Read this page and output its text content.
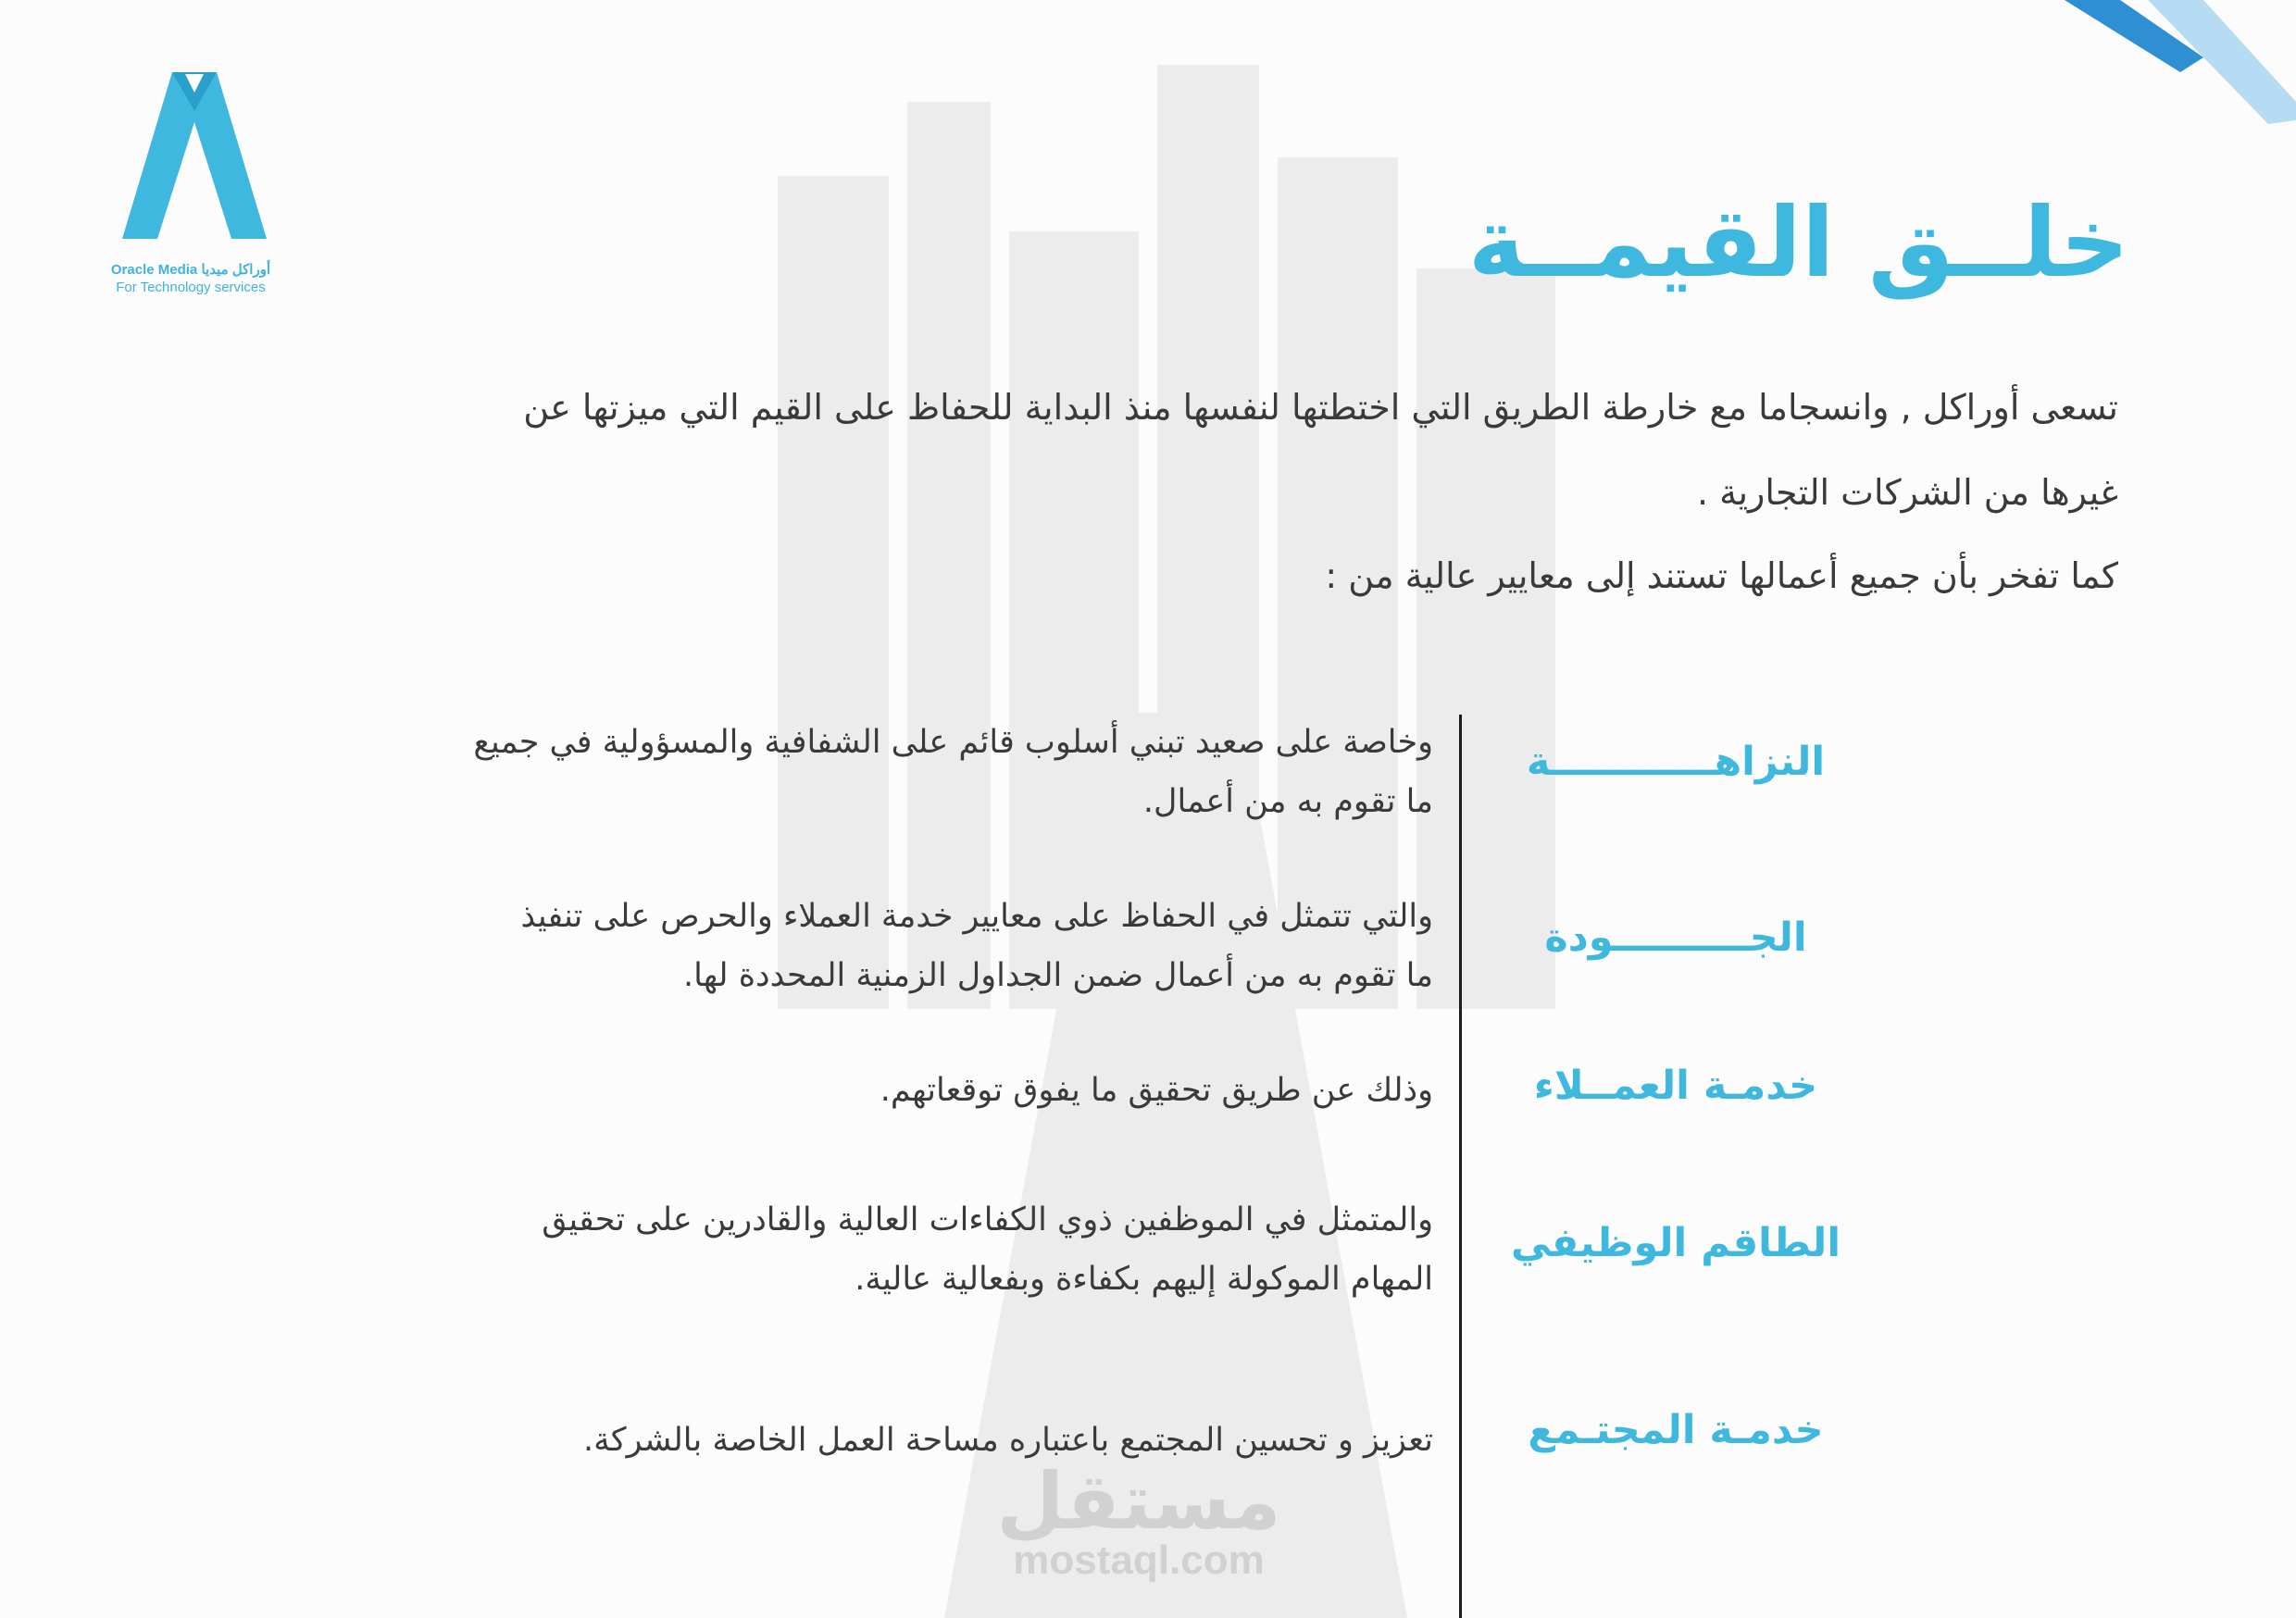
Oracle Media أوراكل ميديا
For Technology services	خلــق القيمــة
تسعى أوراكل , وانسجاما مع خارطة الطريق التي اختطتها لنفسها منذ البداية للحفاظ على القيم التي ميزتها عن
غيرها من الشركات التجارية .
كما تفخر بأن جميع أعمالها تستند إلى معايير عالية من :
النزاهــــــــــــة
وخاصة على صعيد تبني أسلوب قائم على الشفافية والمسؤولية في جميع
ما تقوم به من أعمال.
الجــــــــــودة
والتي تتمثل في الحفاظ على معايير خدمة العملاء والحرص على تنفيذ
ما تقوم به من أعمال ضمن الجداول الزمنية المحددة لها.
خدمـة العمــلاء
وذلك عن طريق تحقيق ما يفوق توقعاتهم.
الطاقم الوظيفي
والمتمثل في الموظفين ذوي الكفاءات العالية والقادرين على تحقيق
المهام الموكولة إليهم بكفاءة وبفعالية عالية.
خدمـة المجتـمع
تعزيز و تحسين المجتمع باعتباره مساحة العمل الخاصة بالشركة.
مستقل
mostaql.com
